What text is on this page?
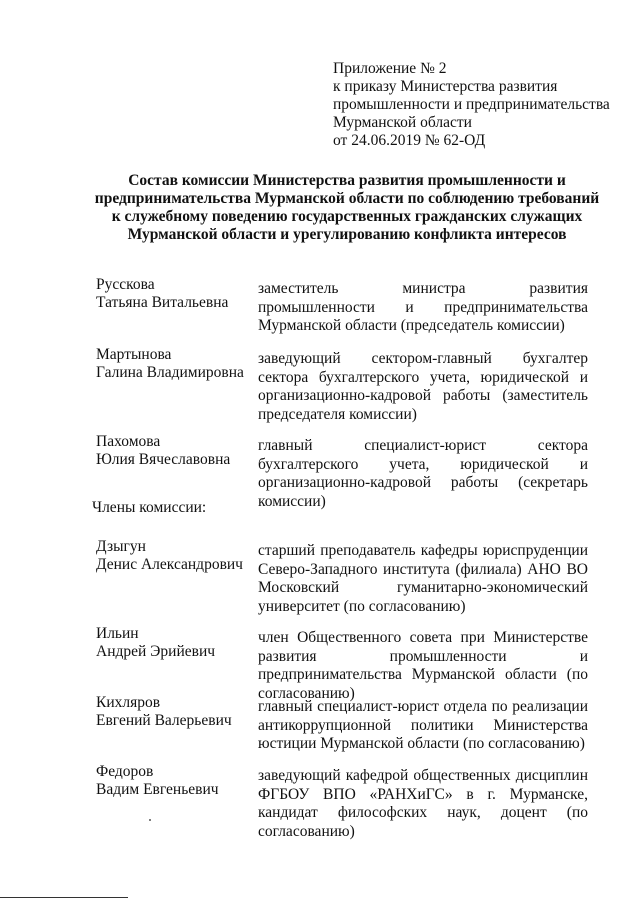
Приложение № 2
к приказу Министерства развития
промышленности и предпринимательства
Мурманской области
от 24.06.2019 № 62-ОД
Состав комиссии Министерства развития промышленности и
предпринимательства Мурманской области по соблюдению требований
к служебному поведению государственных гражданских служащих
Мурманской области и урегулированию конфликта интересов
Русскова
Татьяна Витальевна
заместитель министра развития промышленности и предпринимательства Мурманской области (председатель комиссии)
Мартынова
Галина Владимировна
заведующий сектором-главный бухгалтер сектора бухгалтерского учета, юридической и организационно-кадровой работы (заместитель председателя комиссии)
Пахомова
Юлия Вячеславовна
главный специалист-юрист сектора бухгалтерского учета, юридической и организационно-кадровой работы (секретарь комиссии)
Члены комиссии:
Дзыгун
Денис Александрович
старший преподаватель кафедры юриспруденции Северо-Западного института (филиала) АНО ВО Московский гуманитарно-экономический университет (по согласованию)
Ильин
Андрей Эрийевич
член Общественного совета при Министерстве развития промышленности и предпринимательства Мурманской области (по согласованию)
Кихляров
Евгений Валерьевич
главный специалист-юрист отдела по реализации антикоррупционной политики Министерства юстиции Мурманской области (по согласованию)
Федоров
Вадим Евгеньевич
заведующий кафедрой общественных дисциплин ФГБОУ ВПО «РАНХиГС» в г. Мурманске, кандидат философских наук, доцент (по согласованию)
